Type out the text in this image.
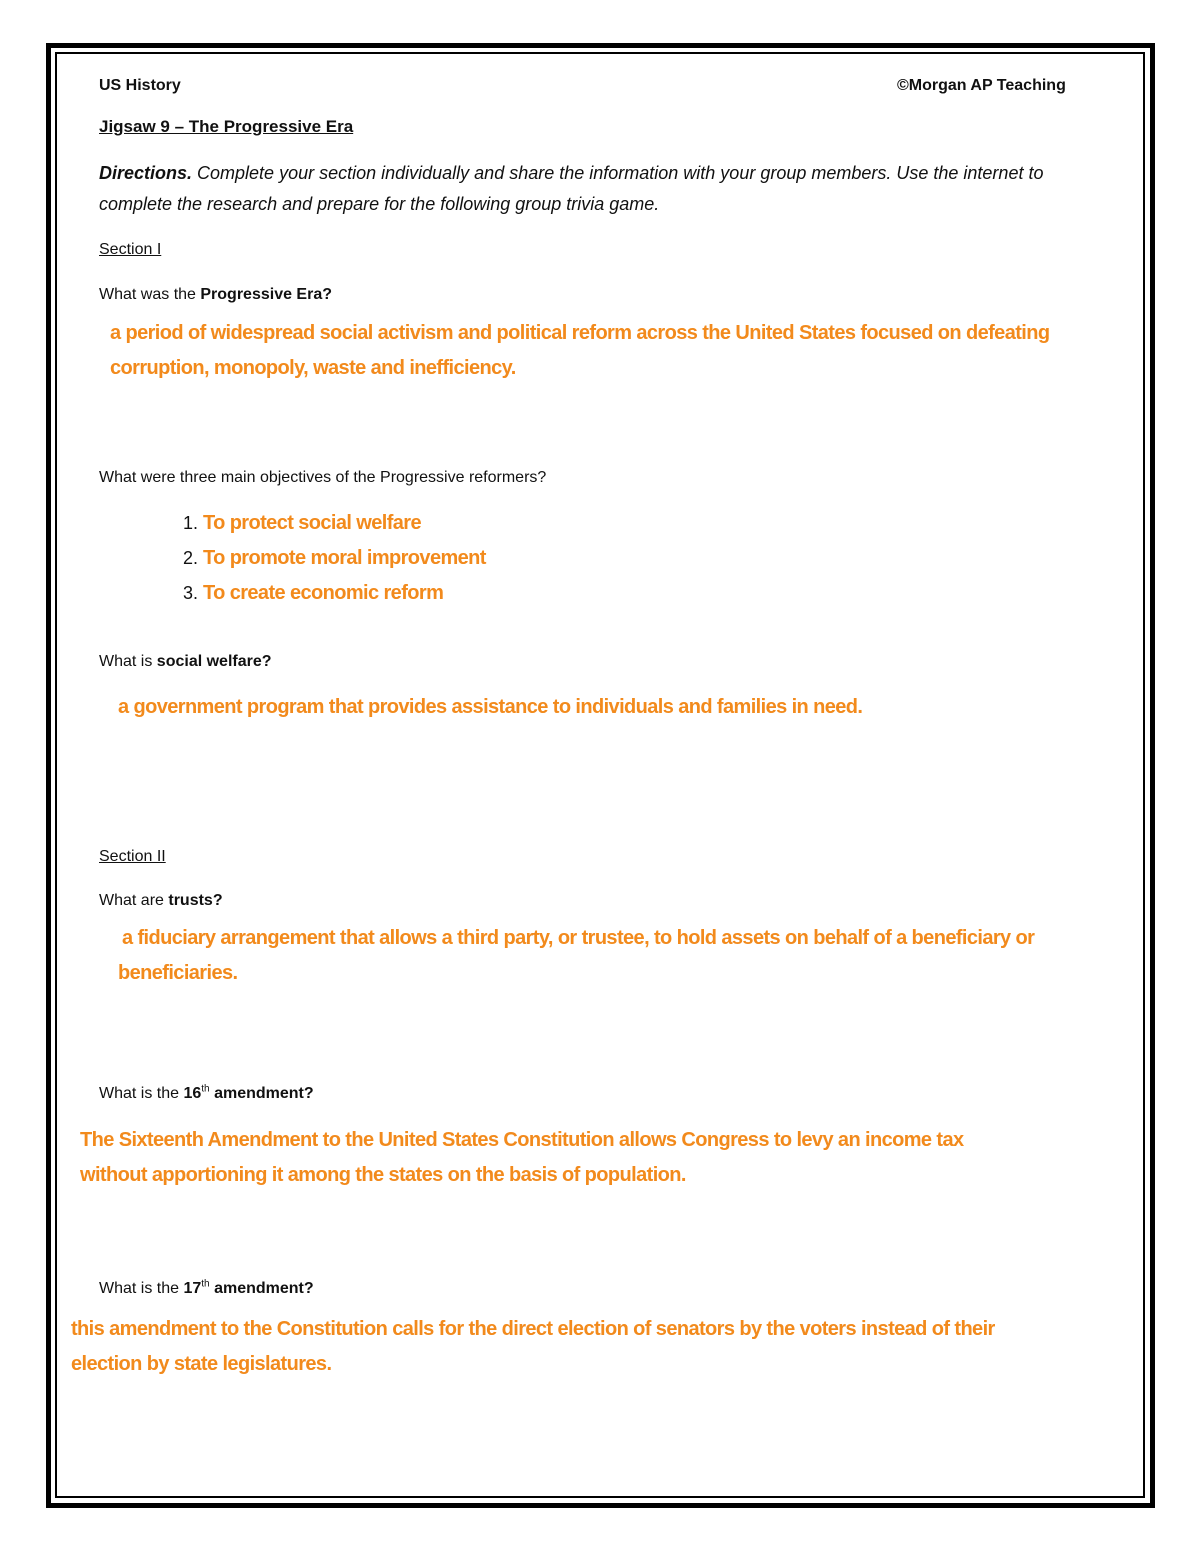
US History	©Morgan AP Teaching
Jigsaw 9 – The Progressive Era
Directions. Complete your section individually and share the information with your group members. Use the internet to complete the research and prepare for the following group trivia game.
Section I
What was the Progressive Era?
a period of widespread social activism and political reform across the United States focused on defeating
corruption, monopoly, waste and inefficiency.
What were three main objectives of the Progressive reformers?
1. To protect social welfare
2. To promote moral improvement
3. To create economic reform
What is social welfare?
a government program that provides assistance to individuals and families in need.
Section II
What are trusts?
a fiduciary arrangement that allows a third party, or trustee, to hold assets on behalf of a beneficiary or
beneficiaries.
What is the 16th amendment?
The Sixteenth Amendment to the United States Constitution allows Congress to levy an income tax
without apportioning it among the states on the basis of population.
What is the 17th amendment?
this amendment to the Constitution calls for the direct election of senators by the voters instead of their
election by state legislatures.
